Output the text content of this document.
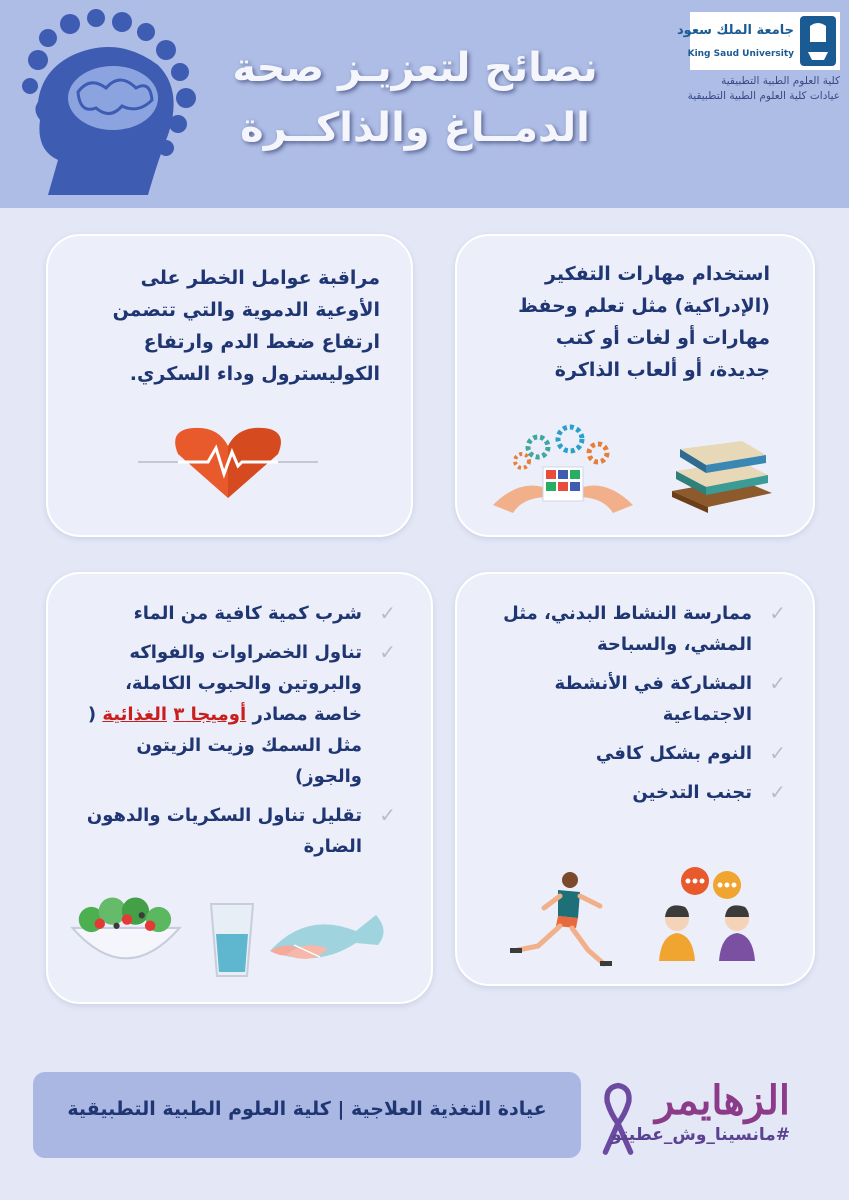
نصائح لتعزيـز صحة
الدمــاغ والذاكــرة
جامعة الملك سعود
King Saud University
كلية العلوم الطبية التطبيقية
عيادات كلية العلوم الطبية التطبيقية
استخدام مهارات التفكير (الإدراكية) مثل تعلم وحفظ مهارات أو لغات أو كتب جديدة، أو ألعاب الذاكرة
مراقبة عوامل الخطر على الأوعية الدموية والتي تتضمن ارتفاع ضغط الدم وارتفاع الكوليسترول وداء السكري.
✓
ممارسة النشاط البدني، مثل المشي، والسباحة
✓
المشاركة في الأنشطة الاجتماعية
✓
النوم بشكل كافي
✓
تجنب التدخين
✓
شرب كمية كافية من الماء
✓
تناول الخضراوات والفواكه والبروتين والحبوب الكاملة، خاصة مصادر أوميجا ٣ الغذائية ( مثل السمك وزيت الزيتون والجوز)
✓
تقليل تناول السكريات والدهون الضارة
عيادة التغذية العلاجية | كلية العلوم الطبية التطبيقية	الزهايمر
#مانسينا_وش_عطيتو
